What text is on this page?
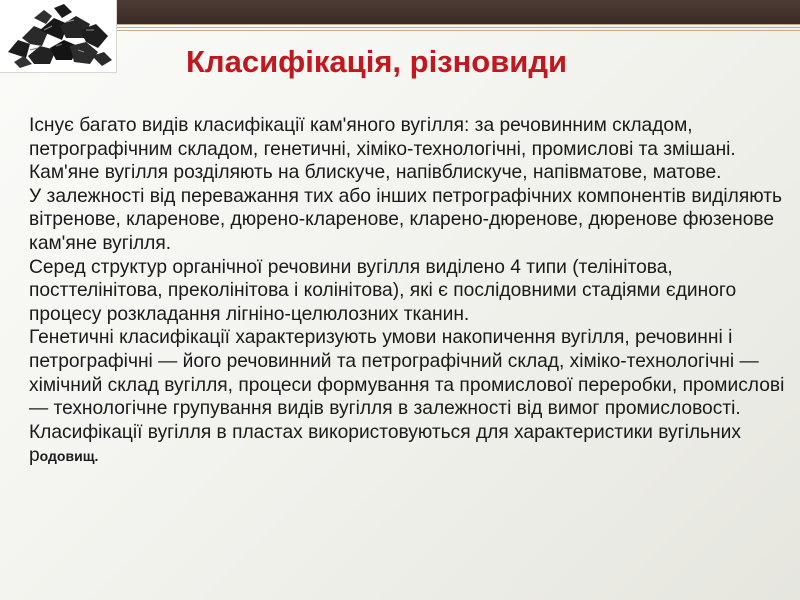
Класифікація, різновиди

Існує багато видів класифікації кам'яного вугілля: за речовинним складом, петрографічним складом, генетичні, хіміко-технологічні, промислові та змішані.

Кам'яне вугілля розділяють на блискуче, напівблискуче, напівматове, матове.

У залежності від переважання тих або інших петрографічних компонентів виділяють вітренове, кларенове, дюрено-кларенове, кларено-дюренове, дюренове фюзенове кам'яне вугілля.

Серед структур органічної речовини вугілля виділено 4 типи (телінітова, посттелінітова, преколінітова і колінітова), які є послідовними стадіями єдиного процесу розкладання лігніно-целюлозних тканин.

Генетичні класифікації характеризують умови накопичення вугілля, речовинні і петрографічні — його речовинний та петрографічний склад, хіміко-технологічні — хімічний склад вугілля, процеси формування та промислової переробки, промислові — технологічне групування видів вугілля в залежності від вимог промисловості. Класифікації вугілля в пластах використовуються для характеристики вугільних родовищ.
